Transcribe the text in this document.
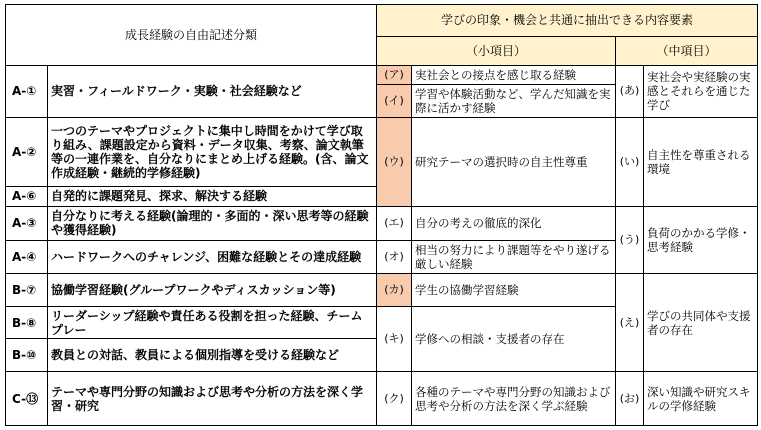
成長経験の自由記述分類		学びの印象・機会と共通に抽出できる内容要素			
		（小項目）		（中項目）	
A-①	実習・フィールドワーク・実験・社会経験など	(ア)	実社会との接点を感じ取る経験	(あ)	実社会や実経験の実感とそれらを通じた学び
		(イ)	学習や体験活動など、学んだ知識を実際に活かす経験		
A-②	一つのテーマやプロジェクトに集中し時間をかけて学び取り組み、課題設定から資料・データ収集、考察、論文執筆等の一連作業を、自分なりにまとめ上げる経験。(含、論文作成経験・継続的学修経験)	(ウ)	研究テーマの選択時の自主性尊重	(い)	自主性を尊重される環境
A-⑥	自発的に課題発見、探求、解決する経験				
A-③	自分なりに考える経験(論理的・多面的・深い思考等の経験や獲得経験)	(エ)	自分の考えの徹底的深化	(う)	負荷のかかる学修・思考経験
A-④	ハードワークへのチャレンジ、困難な経験とその達成経験	(オ)	相当の努力により課題等をやり遂げる厳しい経験		
B-⑦	協働学習経験(グループワークやディスカッション等)	(カ)	学生の協働学習経験	(え)	学びの共同体や支援者の存在
B-⑧	リーダーシップ経験や責任ある役割を担った経験、チームプレー	(キ)	学修への相談・支援者の存在		
B-⑩	教員との対話、教員による個別指導を受ける経験など				
C-⑬	テーマや専門分野の知識および思考や分析の方法を深く学習・研究	(ク)	各種のテーマや専門分野の知識および思考や分析の方法を深く学ぶ経験	(お)	深い知識や研究スキルの学修経験
